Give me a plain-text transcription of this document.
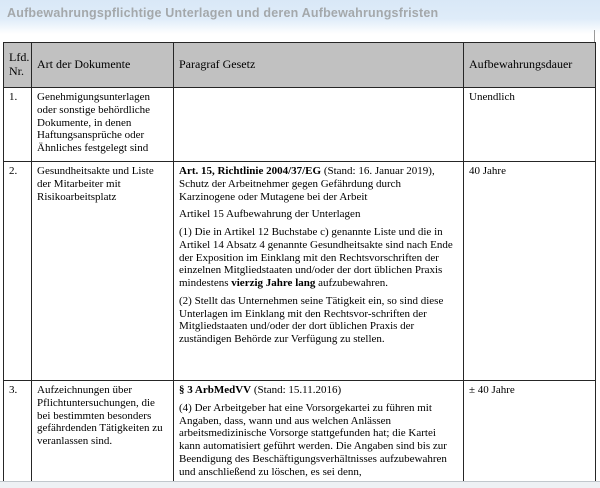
Aufbewahrungspflichtige Unterlagen und deren Aufbewahrungsfristen
Lfd. Nr.	Art der Dokumente	Paragraf Gesetz	Aufbewahrungsdauer
1.	Genehmigungsunterlagen oder sonstige behördliche Dokumente, in denen Haftungsansprüche oder Ähnliches festgelegt sind		Unendlich
2.	Gesundheitsakte und Liste der Mitarbeiter mit Risikoarbeitsplatz	Art. 15, Richtlinie 2004/37/EG (Stand: 16. Januar 2019), Schutz der Arbeitnehmer gegen Gefährdung durch Karzinogene oder Mutagene bei der Arbeit
Artikel 15 Aufbewahrung der Unterlagen
(1) Die in Artikel 12 Buchstabe c) genannte Liste und die in Artikel 14 Absatz 4 genannte Gesundheitsakte sind nach Ende der Exposition im Einklang mit den Rechtsvorschriften der einzelnen Mitgliedstaaten und/oder der dort üblichen Praxis mindestens vierzig Jahre lang aufzubewahren.
(2) Stellt das Unternehmen seine Tätigkeit ein, so sind diese Unterlagen im Einklang mit den Rechtsvor-schriften der Mitgliedstaaten und/oder der dort üblichen Praxis der zuständigen Behörde zur Verfügung zu stellen.	40 Jahre
3.	Aufzeichnungen über Pflichtuntersuchungen, die bei bestimmten besonders gefährdenden Tätigkeiten zu veranlassen sind.	§ 3 ArbMedVV (Stand: 15.11.2016)
(4) Der Arbeitgeber hat eine Vorsorgekartei zu führen mit Angaben, dass, wann und aus welchen Anlässen arbeitsmedizinische Vorsorge stattgefunden hat; die Kartei kann automatisiert geführt werden. Die Angaben sind bis zur Beendigung des Beschäftigungsverhältnisses aufzubewahren und anschließend zu löschen, es sei denn,	± 40 Jahre
